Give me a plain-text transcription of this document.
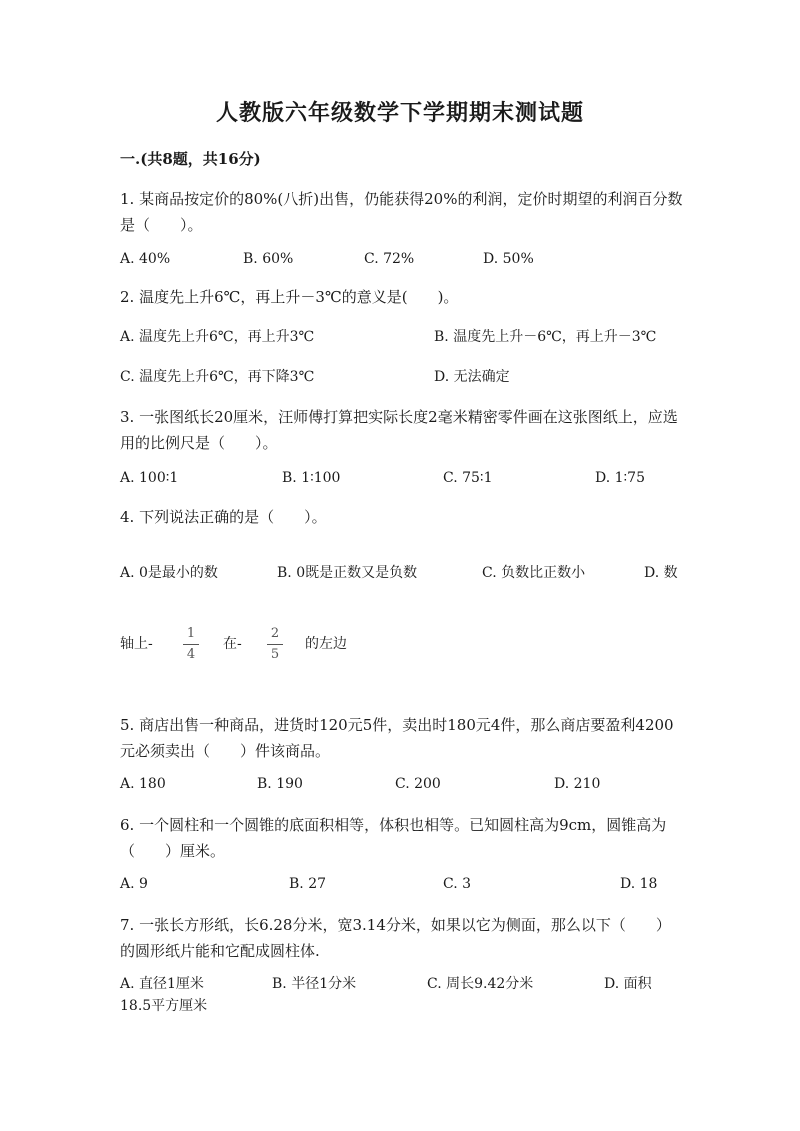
人教版六年级数学下学期期末测试题
一.(共8题，共16分)
1. 某商品按定价的80%(八折)出售，仍能获得20%的利润，定价时期望的利润百分数是（　　）。
A. 40%	B. 60%	C. 72%	D. 50%
2. 温度先上升6℃，再上升－3℃的意义是(　　)。
A. 温度先上升6℃，再上升3℃	B. 温度先上升－6℃，再上升－3℃
C. 温度先上升6℃，再下降3℃	D. 无法确定
3. 一张图纸长20厘米，汪师傅打算把实际长度2毫米精密零件画在这张图纸上，应选用的比例尺是（　　）。
A. 100∶1	B. 1∶100	C. 75∶1	D. 1∶75
4. 下列说法正确的是（　　）。
A. 0是最小的数	B. 0既是正数又是负数	C. 负数比正数小	D. 数
轴上- $\frac{1}{4}$ 在- $\frac{2}{5}$ 的左边
5. 商店出售一种商品，进货时120元5件，卖出时180元4件，那么商店要盈利4200元必须卖出（　　）件该商品。
A. 180	B. 190	C. 200	D. 210
6. 一个圆柱和一个圆锥的底面积相等，体积也相等。已知圆柱高为9cm，圆锥高为（　　）厘米。
A. 9	B. 27	C. 3	D. 18
7. 一张长方形纸，长6.28分米，宽3.14分米，如果以它为侧面，那么以下（　　）的圆形纸片能和它配成圆柱体.
A. 直径1厘米	B. 半径1分米	C. 周长9.42分米	D. 面积
18.5平方厘米
